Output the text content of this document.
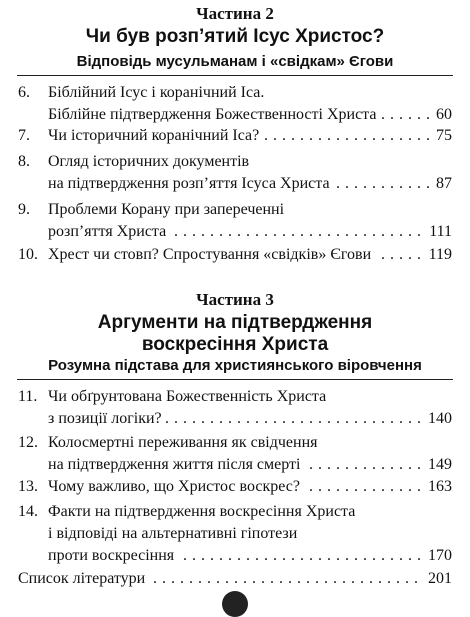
Частина 2
Чи був розп’ятий Ісус Христос?
Відповідь мусульманам і «свідкам» Єгови
6. Біблійний Ісус і коранічний Іса.
. . . Біблійне підтвердження Божественності Христа	60
7. . . . Чи історичний коранічний Іса?	75
8. Огляд історичних документів
. . . на підтвердження розп’яття Ісуса Христа	87
9. Проблеми Корану при запереченні
. . . розп’яття Христа	111
10. . . . Хрест чи стовп? Спростування «свідків» Єгови	119
Частина 3
Аргументи на підтвердження
воскресіння Христа
Розумна підстава для християнського віровчення
11. Чи обґрунтована Божественність Христа
. . . з позиції логіки?	140
12. Колосмертні переживання як свідчення
. . . на підтвердження життя після смерті	149
13. . . . Чому важливо, що Христос воскрес?	163
14. Факти на підтвердження воскресіння Христа
і відповіді на альтернативні гіпотези
. . . проти воскресіння	170
. . . Список літератури	201
